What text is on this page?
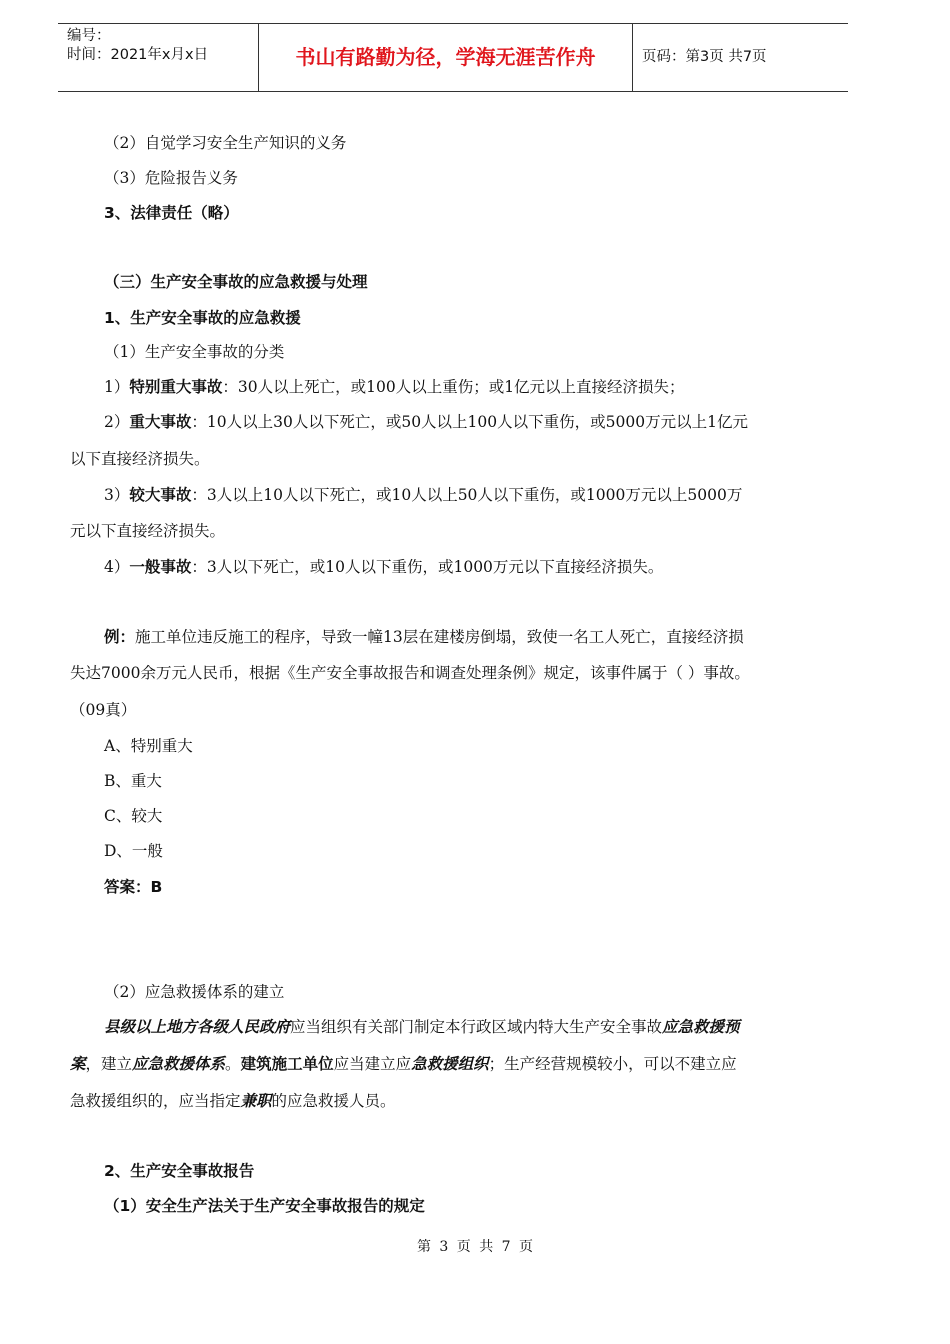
编号：
时间：2021年x月x日	书山有路勤为径，学海无涯苦作舟	页码：第3页 共7页
（2）自觉学习安全生产知识的义务
（3）危险报告义务
3、法律责任（略）
（三）生产安全事故的应急救援与处理
1、生产安全事故的应急救援
（1）生产安全事故的分类
1）特别重大事故：30人以上死亡，或100人以上重伤；或1亿元以上直接经济损失；
2）重大事故：10人以上30人以下死亡，或50人以上100人以下重伤，或5000万元以上1亿元
以下直接经济损失。
3）较大事故：3人以上10人以下死亡，或10人以上50人以下重伤，或1000万元以上5000万
元以下直接经济损失。
4）一般事故：3人以下死亡，或10人以下重伤，或1000万元以下直接经济损失。
例：施工单位违反施工的程序，导致一幢13层在建楼房倒塌，致使一名工人死亡，直接经济损
失达7000余万元人民币，根据《生产安全事故报告和调查处理条例》规定，该事件属于（ ）事故。
（09真）
A、特别重大
B、重大
C、较大
D、一般
答案：B
（2）应急救援体系的建立
县级以上地方各级人民政府应当组织有关部门制定本行政区域内特大生产安全事故应急救援预
案，建立应急救援体系。建筑施工单位应当建立应急救援组织；生产经营规模较小，可以不建立应
急救援组织的，应当指定兼职的应急救援人员。
2、生产安全事故报告
（1）安全生产法关于生产安全事故报告的规定
第 3 页 共 7 页
